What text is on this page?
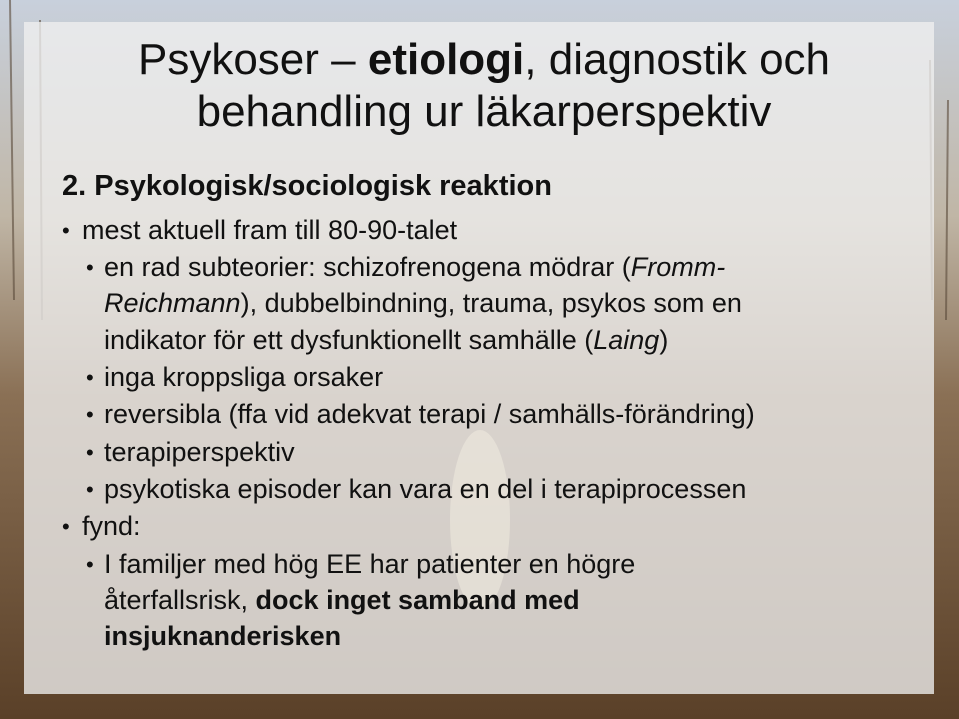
Psykoser – etiologi, diagnostik och
behandling ur läkarperspektiv
2. Psykologisk/sociologisk reaktion
• mest aktuell fram till 80-90-talet
• en rad subteorier: schizofrenogena mödrar (Fromm-
Reichmann), dubbelbindning, trauma, psykos som en
indikator för ett dysfunktionellt samhälle (Laing)
• inga kroppsliga orsaker
• reversibla (ffa vid adekvat terapi / samhälls-förändring)
• terapiperspektiv
• psykotiska episoder kan vara en del i terapiprocessen
• fynd:
• I familjer med hög EE har patienter en högre
återfallsrisk, dock inget samband med
insjuknanderisken
